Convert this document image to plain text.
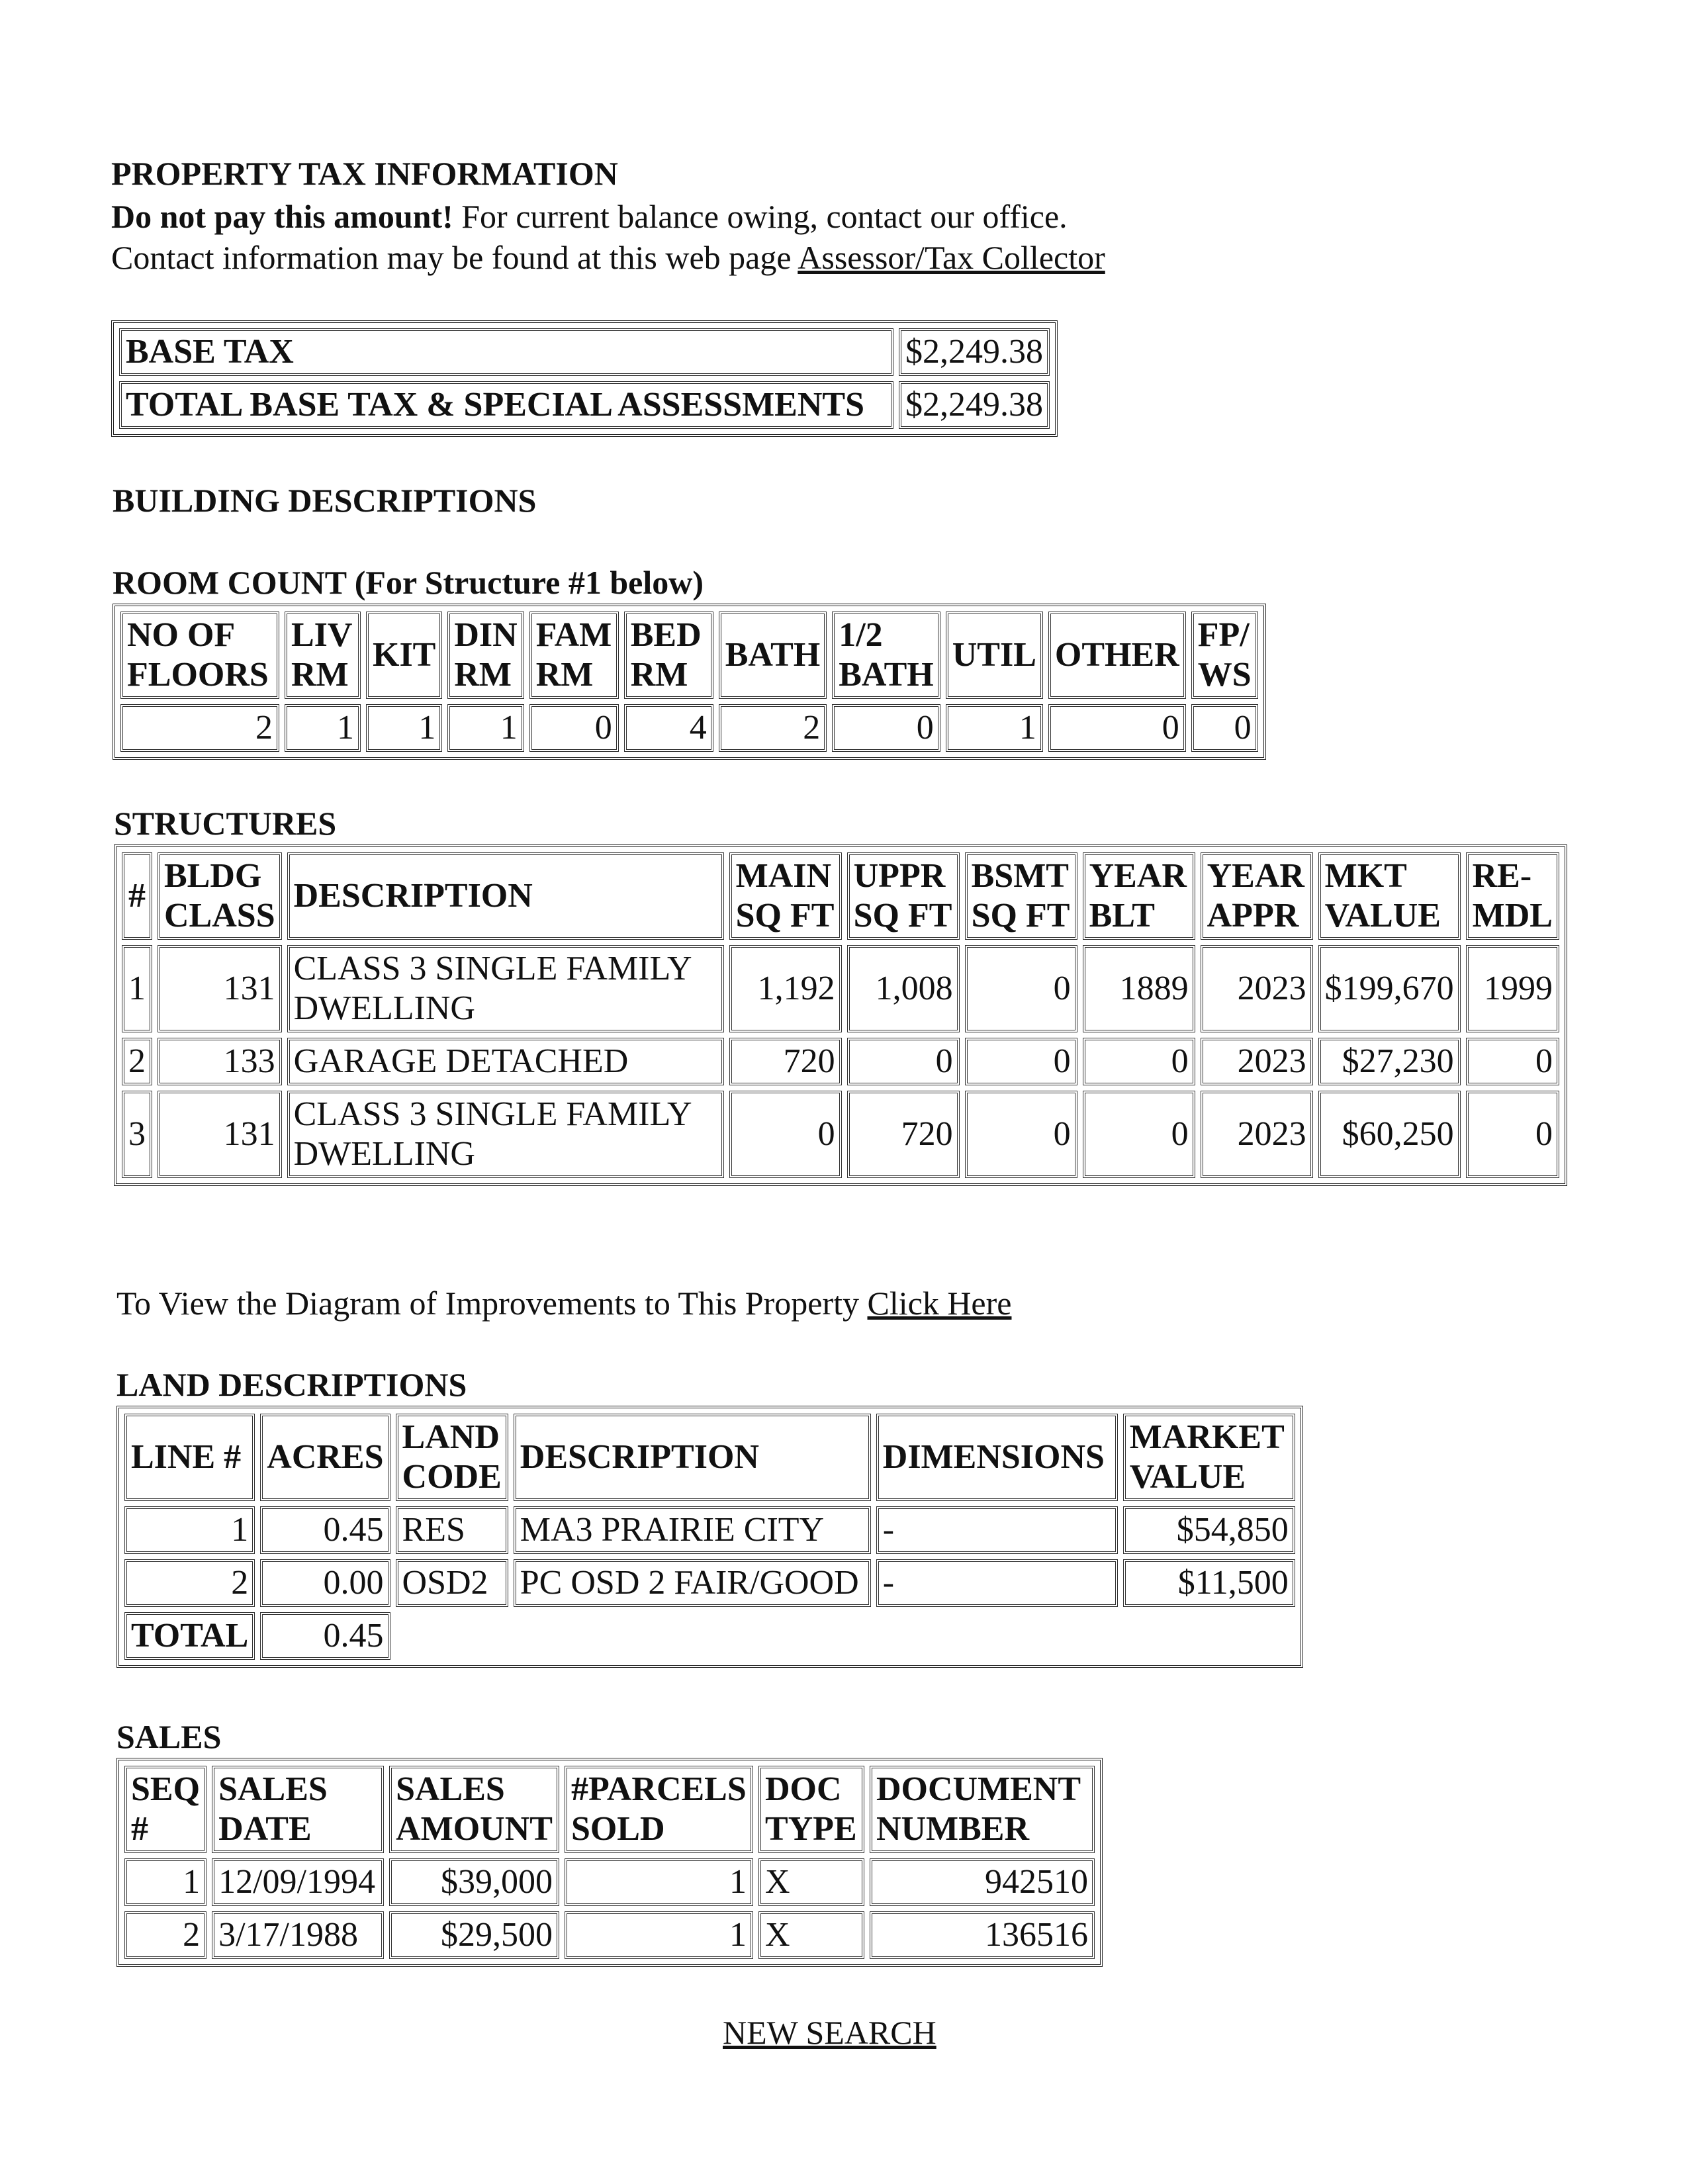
PROPERTY TAX INFORMATION
Do not pay this amount! For current balance owing, contact our office.
Contact information may be found at this web page Assessor/Tax Collector
BASE TAX	$2,249.38
TOTAL BASE TAX & SPECIAL ASSESSMENTS	$2,249.38
BUILDING DESCRIPTIONS
ROOM COUNT (For Structure #1 below)
NO OF FLOORS	LIV RM	KIT	DIN RM	FAM RM	BED RM	BATH	1/2 BATH	UTIL	OTHER	FP/ WS
2	1	1	1	0	4	2	0	1	0	0
STRUCTURES
#	BLDG CLASS	DESCRIPTION	MAIN SQ FT	UPPR SQ FT	BSMT SQ FT	YEAR BLT	YEAR APPR	MKT VALUE	RE- MDL
1	131	CLASS 3 SINGLE FAMILY DWELLING	1,192	1,008	0	1889	2023	$199,670	1999
2	133	GARAGE DETACHED	720	0	0	0	2023	$27,230	0
3	131	CLASS 3 SINGLE FAMILY DWELLING	0	720	0	0	2023	$60,250	0
To View the Diagram of Improvements to This Property Click Here
LAND DESCRIPTIONS
LINE #	ACRES	LAND CODE	DESCRIPTION	DIMENSIONS	MARKET VALUE
1	0.45	RES	MA3 PRAIRIE CITY	-	$54,850
2	0.00	OSD2	PC OSD 2 FAIR/GOOD	-	$11,500
TOTAL	0.45				
SALES
SEQ #	SALES DATE	SALES AMOUNT	#PARCELS SOLD	DOC TYPE	DOCUMENT NUMBER
1	12/09/1994	$39,000	1	X	942510
2	3/17/1988	$29,500	1	X	136516
NEW SEARCH
